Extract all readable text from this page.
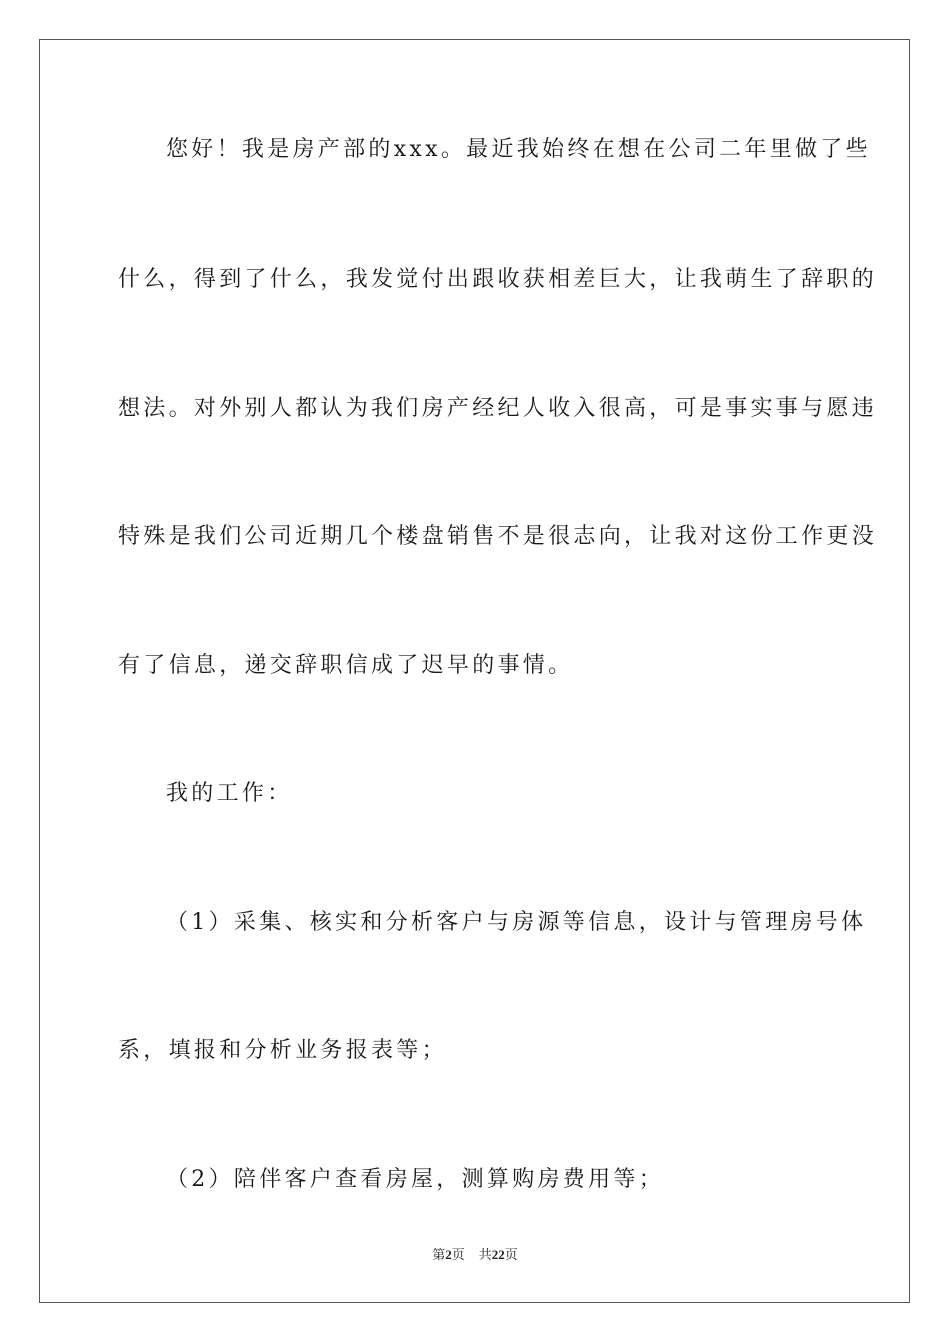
您好！我是房产部的xxx。最近我始终在想在公司二年里做了些
什么，得到了什么，我发觉付出跟收获相差巨大，让我萌生了辞职的
想法。对外别人都认为我们房产经纪人收入很高，可是事实事与愿违
特殊是我们公司近期几个楼盘销售不是很志向，让我对这份工作更没
有了信息，递交辞职信成了迟早的事情。
我的工作：
（1）采集、核实和分析客户与房源等信息，设计与管理房号体
系，填报和分析业务报表等；
（2）陪伴客户查看房屋，测算购房费用等；
第2页 共22页
